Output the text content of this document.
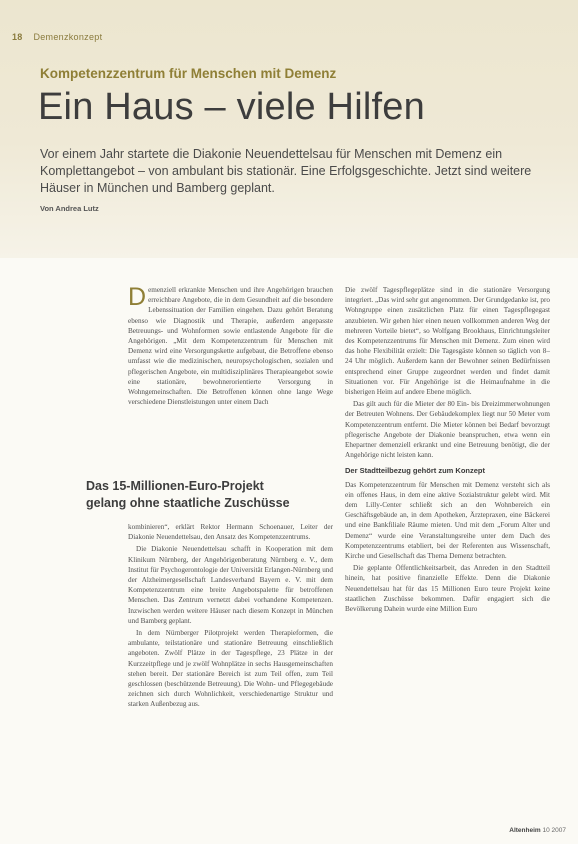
18 Demenzkonzept
Kompetenzzentrum für Menschen mit Demenz
Ein Haus – viele Hilfen

Vor einem Jahr startete die Diakonie Neuendettelsau für Menschen mit Demenz ein Komplettangebot – von ambulant bis stationär. Eine Erfolgsgeschichte. Jetzt sind weitere Häuser in München und Bamberg geplant.

Von Andrea Lutz

Demenziell erkrankte Menschen und ihre Angehörigen brauchen erreichbare Angebote, die in dem Gesundheit auf die besondere Lebenssituation der Familien eingehen. Dazu gehört Beratung ebenso wie Diagnostik und Therapie, außerdem angepasste Betreuungs- und Wohnformen sowie entlastende Angebote für die Angehörigen. „Mit dem Kompetenzzentrum für Menschen mit Demenz wird eine Versorgungskette aufgebaut, die Betroffene ebenso umfasst wie die medizinischen, neuropsychologischen, sozialen und pflegerischen Angebote, ein multidisziplinäres Therapieangebot sowie eine stationäre, bewohnerorientierte Versorgung in Wohngemeinschaften. Die Betroffenen können ohne lange Wege verschiedene Dienstleistungen unter einem Dach

Das 15-Millionen-Euro-Projekt
gelang ohne staatliche Zuschüsse

kombinieren“, erklärt Rektor Hermann Schoenauer, Leiter der Diakonie Neuendettelsau, den Ansatz des Kompetenzzentrums.

Die Diakonie Neuendettelsau schafft in Kooperation mit dem Klinikum Nürnberg, der Angehörigenberatung Nürnberg e. V., dem Institut für Psychogerontologie der Universität Erlangen-Nürnberg und der Alzheimergesellschaft Landesverband Bayern e. V. mit dem Kompetenzzentrum eine breite Angebotspalette für betroffenen Menschen. Das Zentrum vernetzt dabei vorhandene Kompetenzen. Inzwischen werden weitere Häuser nach diesem Konzept in München und Bamberg geplant.

In dem Nürnberger Pilotprojekt werden Therapieformen, die ambulante, teilstationäre und stationäre Betreuung einschließlich angeboten. Zwölf Plätze in der Tagespflege, 23 Plätze in der Kurzzeitpflege und je zwölf Wohnplätze in sechs Hausgemeinschaften stehen bereit. Der stationäre Bereich ist zum Teil offen, zum Teil geschlossen (beschützende Betreuung). Die Wohn- und Pflegegebäude zeichnen sich durch Wohnlichkeit, verschiedenartige Struktur und starken Außenbezug aus.

Die zwölf Tagespflegeplätze sind in die stationäre Versorgung integriert. „Das wird sehr gut angenommen. Der Grundgedanke ist, pro Wohngruppe einen zusätzlichen Platz für einen Tagespflegegast anzubieten. Wir gehen hier einen neuen vollkommen anderen Weg der mehreren Vorteile bietet“, so Wolfgang Brookhaus, Einrichtungsleiter des Kompetenzzentrums für Menschen mit Demenz. Zum einen wird das hohe Flexibilität erzielt: Die Tagesgäste können so täglich von 8–24 Uhr möglich. Außerdem kann der Bewohner seinen Bedürfnissen entsprechend einer Gruppe zugeordnet werden und findet damit Situationen vor. Für Angehörige ist die Heimaufnahme in die bisherigen Heim auf andere Ebene möglich.

Das gilt auch für die Mieter der 80 Ein- bis Dreizimmerwohnungen der Betreuten Wohnens. Der Gebäudekomplex liegt nur 50 Meter vom Kompetenzzentrum entfernt. Die Mieter können bei Bedarf bevorzugt pflegerische Angebote der Diakonie beanspruchen, etwa wenn ein Ehepartner demenziell erkrankt und eine Betreuung benötigt, die der Angehörige nicht leisten kann.

Der Stadtteilbezug gehört zum Konzept

Das Kompetenzzentrum für Menschen mit Demenz versteht sich als ein offenes Haus, in dem eine aktive Sozialstruktur gelebt wird. Mit dem Lilly-Center schließt sich an den Wohnbereich ein Geschäftsgebäude an, in dem Apotheken, Ärztepraxen, eine Bäckerei und eine Bankfiliale Räume mieten. Und mit dem „Forum Alter und Demenz“ wurde eine Veranstaltungsreihe unter dem Dach des Kompetenzzentrums etabliert, bei der Referenten aus Wissenschaft, Kirche und Gesellschaft das Thema Demenz betrachten.

Die geplante Öffentlichkeitsarbeit, das Anreden in den Stadtteil hinein, hat positive finanzielle Effekte. Denn die Diakonie Neuendettelsau hat für das 15 Millionen Euro teure Projekt keine staatlichen Zuschüsse bekommen. Dafür engagiert sich die Bevölkerung Dahein wurde eine Million Euro

Altenheim 10 2007
